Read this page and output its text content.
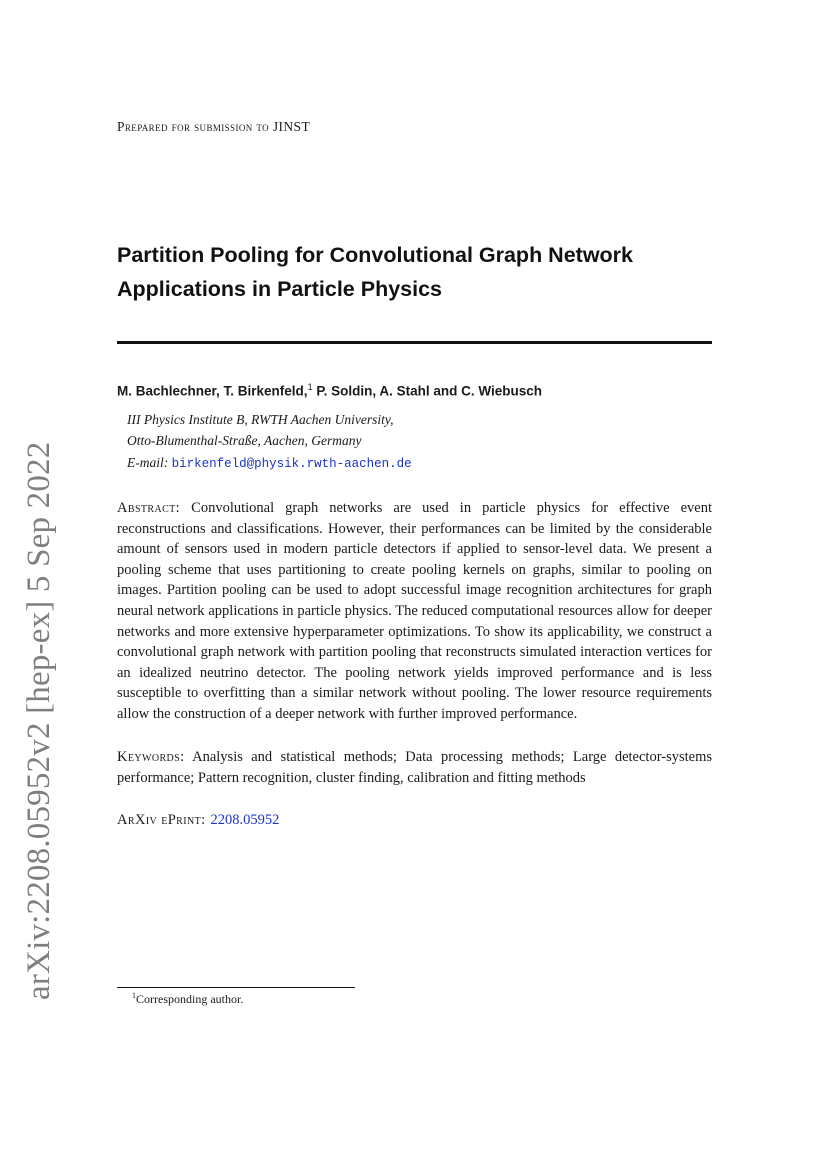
arXiv:2208.05952v2 [hep-ex] 5 Sep 2022
Prepared for submission to JINST
Partition Pooling for Convolutional Graph Network
Applications in Particle Physics
M. Bachlechner, T. Birkenfeld,$^1$ P. Soldin, A. Stahl and C. Wiebusch
III Physics Institute B, RWTH Aachen University,
Otto-Blumenthal-Straße, Aachen, Germany
E-mail: birkenfeld@physik.rwth-aachen.de
Abstract: Convolutional graph networks are used in particle physics for effective event reconstructions and classifications. However, their performances can be limited by the considerable amount of sensors used in modern particle detectors if applied to sensor-level data. We present a pooling scheme that uses partitioning to create pooling kernels on graphs, similar to pooling on images. Partition pooling can be used to adopt successful image recognition architectures for graph neural network applications in particle physics. The reduced computational resources allow for deeper networks and more extensive hyperparameter optimizations. To show its applicability, we construct a convolutional graph network with partition pooling that reconstructs simulated interaction vertices for an idealized neutrino detector. The pooling network yields improved performance and is less susceptible to overfitting than a similar network without pooling. The lower resource requirements allow the construction of a deeper network with further improved performance.
Keywords: Analysis and statistical methods; Data processing methods; Large detector-systems performance; Pattern recognition, cluster finding, calibration and fitting methods
ArXiv ePrint: 2208.05952
$^1$Corresponding author.
